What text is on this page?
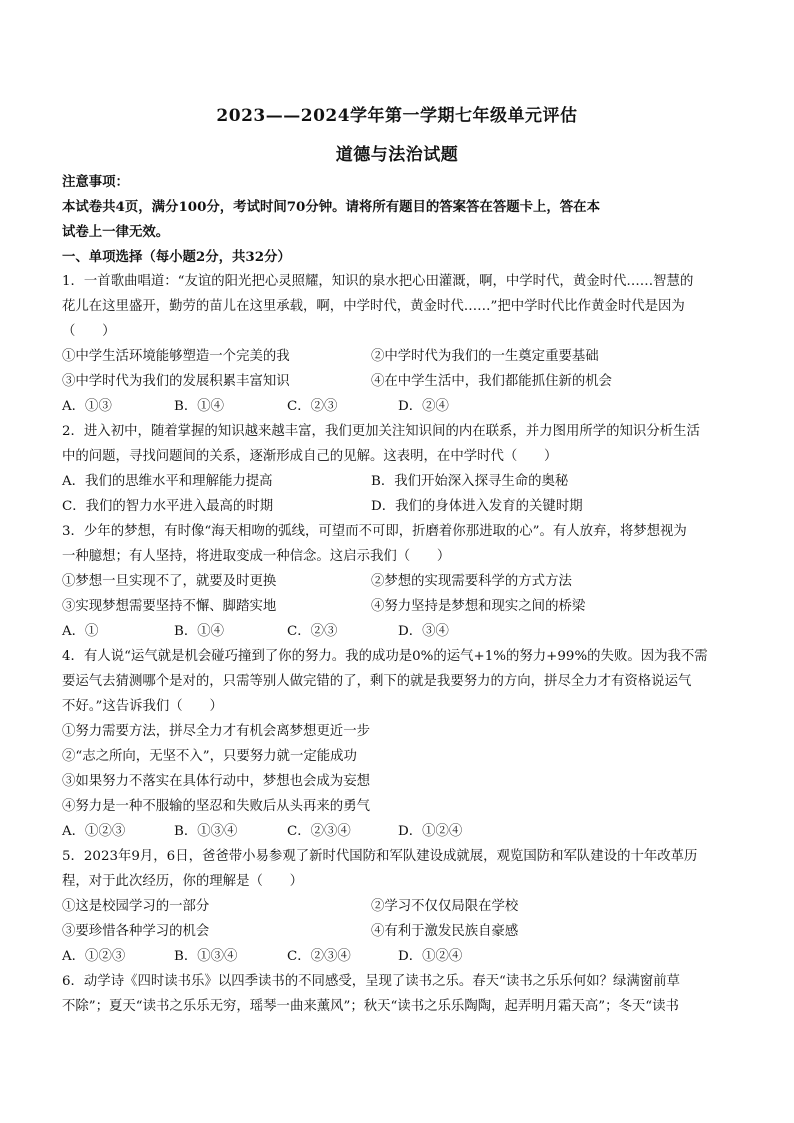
2023——2024学年第一学期七年级单元评估
道德与法治试题
注意事项：
本试卷共4页，满分100分，考试时间70分钟。请将所有题目的答案答在答题卡上，答在本
试卷上一律无效。
一、单项选择（每小题2分，共32分）
1．一首歌曲唱道：“友谊的阳光把心灵照耀，知识的泉水把心田灌溉，啊，中学时代，黄金时代……智慧的
花儿在这里盛开，勤劳的苗儿在这里承载，啊，中学时代，黄金时代……”把中学时代比作黄金时代是因为
（　　）
①中学生活环境能够塑造一个完美的我	②中学时代为我们的一生奠定重要基础
③中学时代为我们的发展积累丰富知识	④在中学生活中，我们都能抓住新的机会
A．①③	B．①④	C．②③	D．②④
2．进入初中，随着掌握的知识越来越丰富，我们更加关注知识间的内在联系，并力图用所学的知识分析生活
中的问题，寻找问题间的关系，逐渐形成自己的见解。这表明，在中学时代（　　）
A．我们的思维水平和理解能力提高	B．我们开始深入探寻生命的奥秘
C．我们的智力水平进入最高的时期	D．我们的身体进入发育的关键时期
3．少年的梦想，有时像“海天相吻的弧线，可望而不可即，折磨着你那进取的心”。有人放弃，将梦想视为
一种臆想；有人坚持，将进取变成一种信念。这启示我们（　　）
①梦想一旦实现不了，就要及时更换	②梦想的实现需要科学的方式方法
③实现梦想需要坚持不懈、脚踏实地	④努力坚持是梦想和现实之间的桥梁
A．①	B．①④	C．②③	D．③④
4．有人说“运气就是机会碰巧撞到了你的努力。我的成功是0%的运气+1%的努力+99%的失败。因为我不需
要运气去猜测哪个是对的，只需等别人做完错的了，剩下的就是我要努力的方向，拼尽全力才有资格说运气
不好。”这告诉我们（　　）
①努力需要方法，拼尽全力才有机会离梦想更近一步
②“志之所向，无坚不入”，只要努力就一定能成功
③如果努力不落实在具体行动中，梦想也会成为妄想
④努力是一种不服输的坚忍和失败后从头再来的勇气
A．①②③	B．①③④	C．②③④	D．①②④
5．2023年9月，6日，爸爸带小易参观了新时代国防和军队建设成就展，观览国防和军队建设的十年改革历
程，对于此次经历，你的理解是（　　）
①这是校园学习的一部分	②学习不仅仅局限在学校
③要珍惜各种学习的机会	④有利于激发民族自豪感
A．①②③	B．①③④	C．②③④	D．①②④
6．动学诗《四时读书乐》以四季读书的不同感受，呈现了读书之乐。春天“读书之乐乐何如？绿满窗前草
不除”；夏天“读书之乐乐无穷，瑶琴一曲来薰风”；秋天“读书之乐乐陶陶，起弄明月霜天高”；冬天“读书
